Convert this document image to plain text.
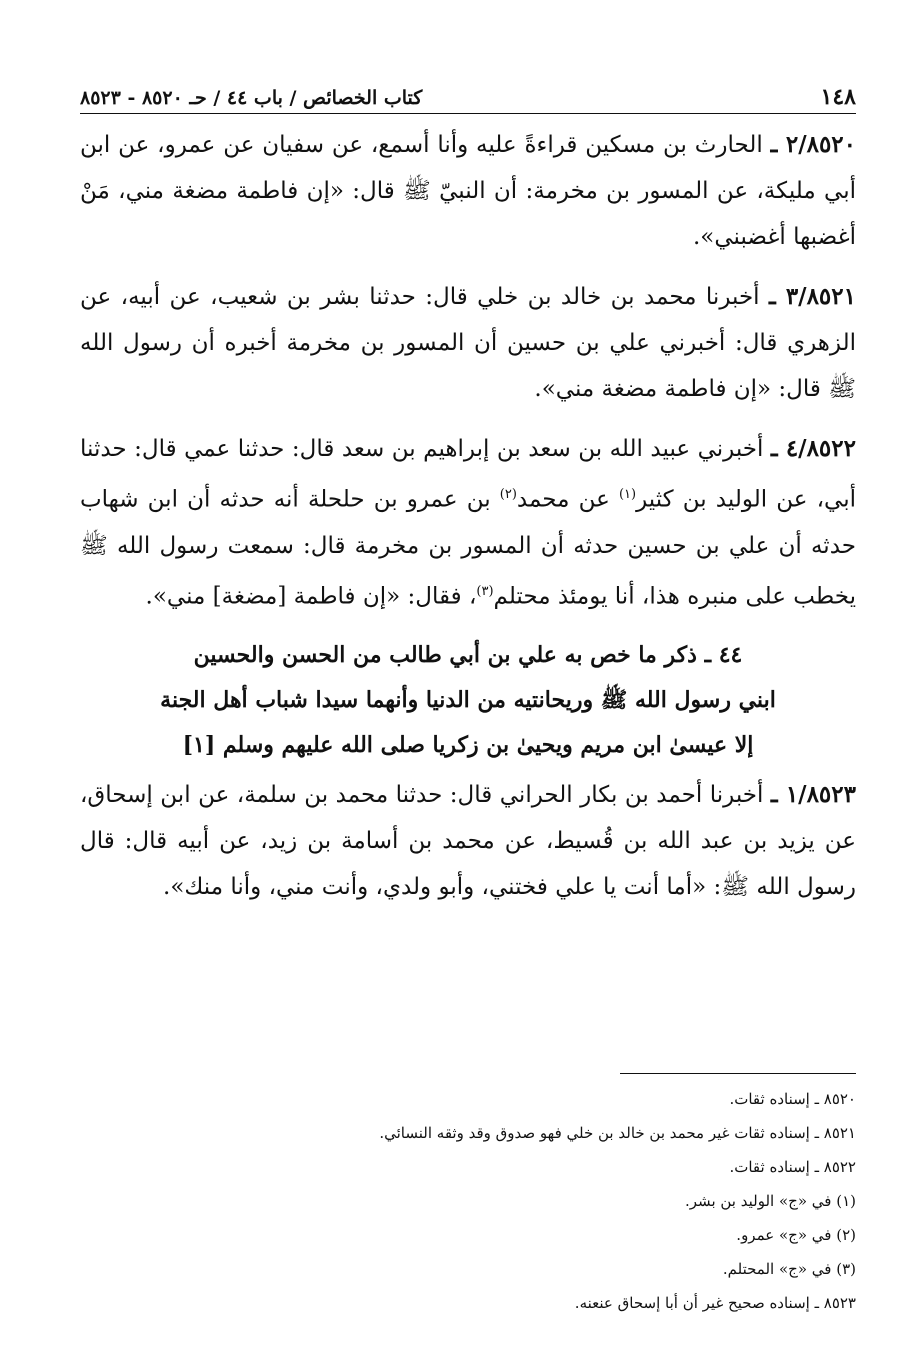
١٤٨
كتاب الخصائص / باب ٤٤ / حـ ٨٥٢٠ - ٨٥٢٣

٢/٨٥٢٠ ـ الحارث بن مسكين قراءةً عليه وأنا أسمع، عن سفيان عن عمرو، عن ابن أبي مليكة، عن المسور بن مخرمة: أن النبيّ ﷺ قال: «إن فاطمة مضغة مني، مَنْ أغضبها أغضبني».

٣/٨٥٢١ ـ أخبرنا محمد بن خالد بن خلي قال: حدثنا بشر بن شعيب، عن أبيه، عن الزهري قال: أخبرني علي بن حسين أن المسور بن مخرمة أخبره أن رسول الله ﷺ قال: «إن فاطمة مضغة مني».

٤/٨٥٢٢ ـ أخبرني عبيد الله بن سعد بن إبراهيم بن سعد قال: حدثنا عمي قال: حدثنا أبي، عن الوليد بن كثير$^{(١)}$ عن محمد$^{(٢)}$ بن عمرو بن حلحلة أنه حدثه أن ابن شهاب حدثه أن علي بن حسين حدثه أن المسور بن مخرمة قال: سمعت رسول الله ﷺ يخطب على منبره هذا، أنا يومئذ محتلم$^{(٣)}$، فقال: «إن فاطمة [مضغة] مني».

٤٤ ـ ذكر ما خص به علي بن أبي طالب من الحسن والحسين
ابني رسول الله ﷺ وريحانتيه من الدنيا وأنهما سيدا شباب أهل الجنة
إلا عيسىٰ ابن مريم ويحيىٰ بن زكريا صلى الله عليهم وسلم [١]

١/٨٥٢٣ ـ أخبرنا أحمد بن بكار الحراني قال: حدثنا محمد بن سلمة، عن ابن إسحاق، عن يزيد بن عبد الله بن قُسيط، عن محمد بن أسامة بن زيد، عن أبيه قال: قال رسول الله ﷺ: «أما أنت يا علي فختني، وأبو ولدي، وأنت مني، وأنا منك».

٨٥٢٠ ـ إسناده ثقات.

٨٥٢١ ـ إسناده ثقات غير محمد بن خالد بن خلي فهو صدوق وقد وثقه النسائي.

٨٥٢٢ ـ إسناده ثقات.

(١) في «ج» الوليد بن بشر.

(٢) في «ج» عمرو.

(٣) في «ج» المحتلم.

٨٥٢٣ ـ إسناده صحيح غير أن أبا إسحاق عنعنه.
